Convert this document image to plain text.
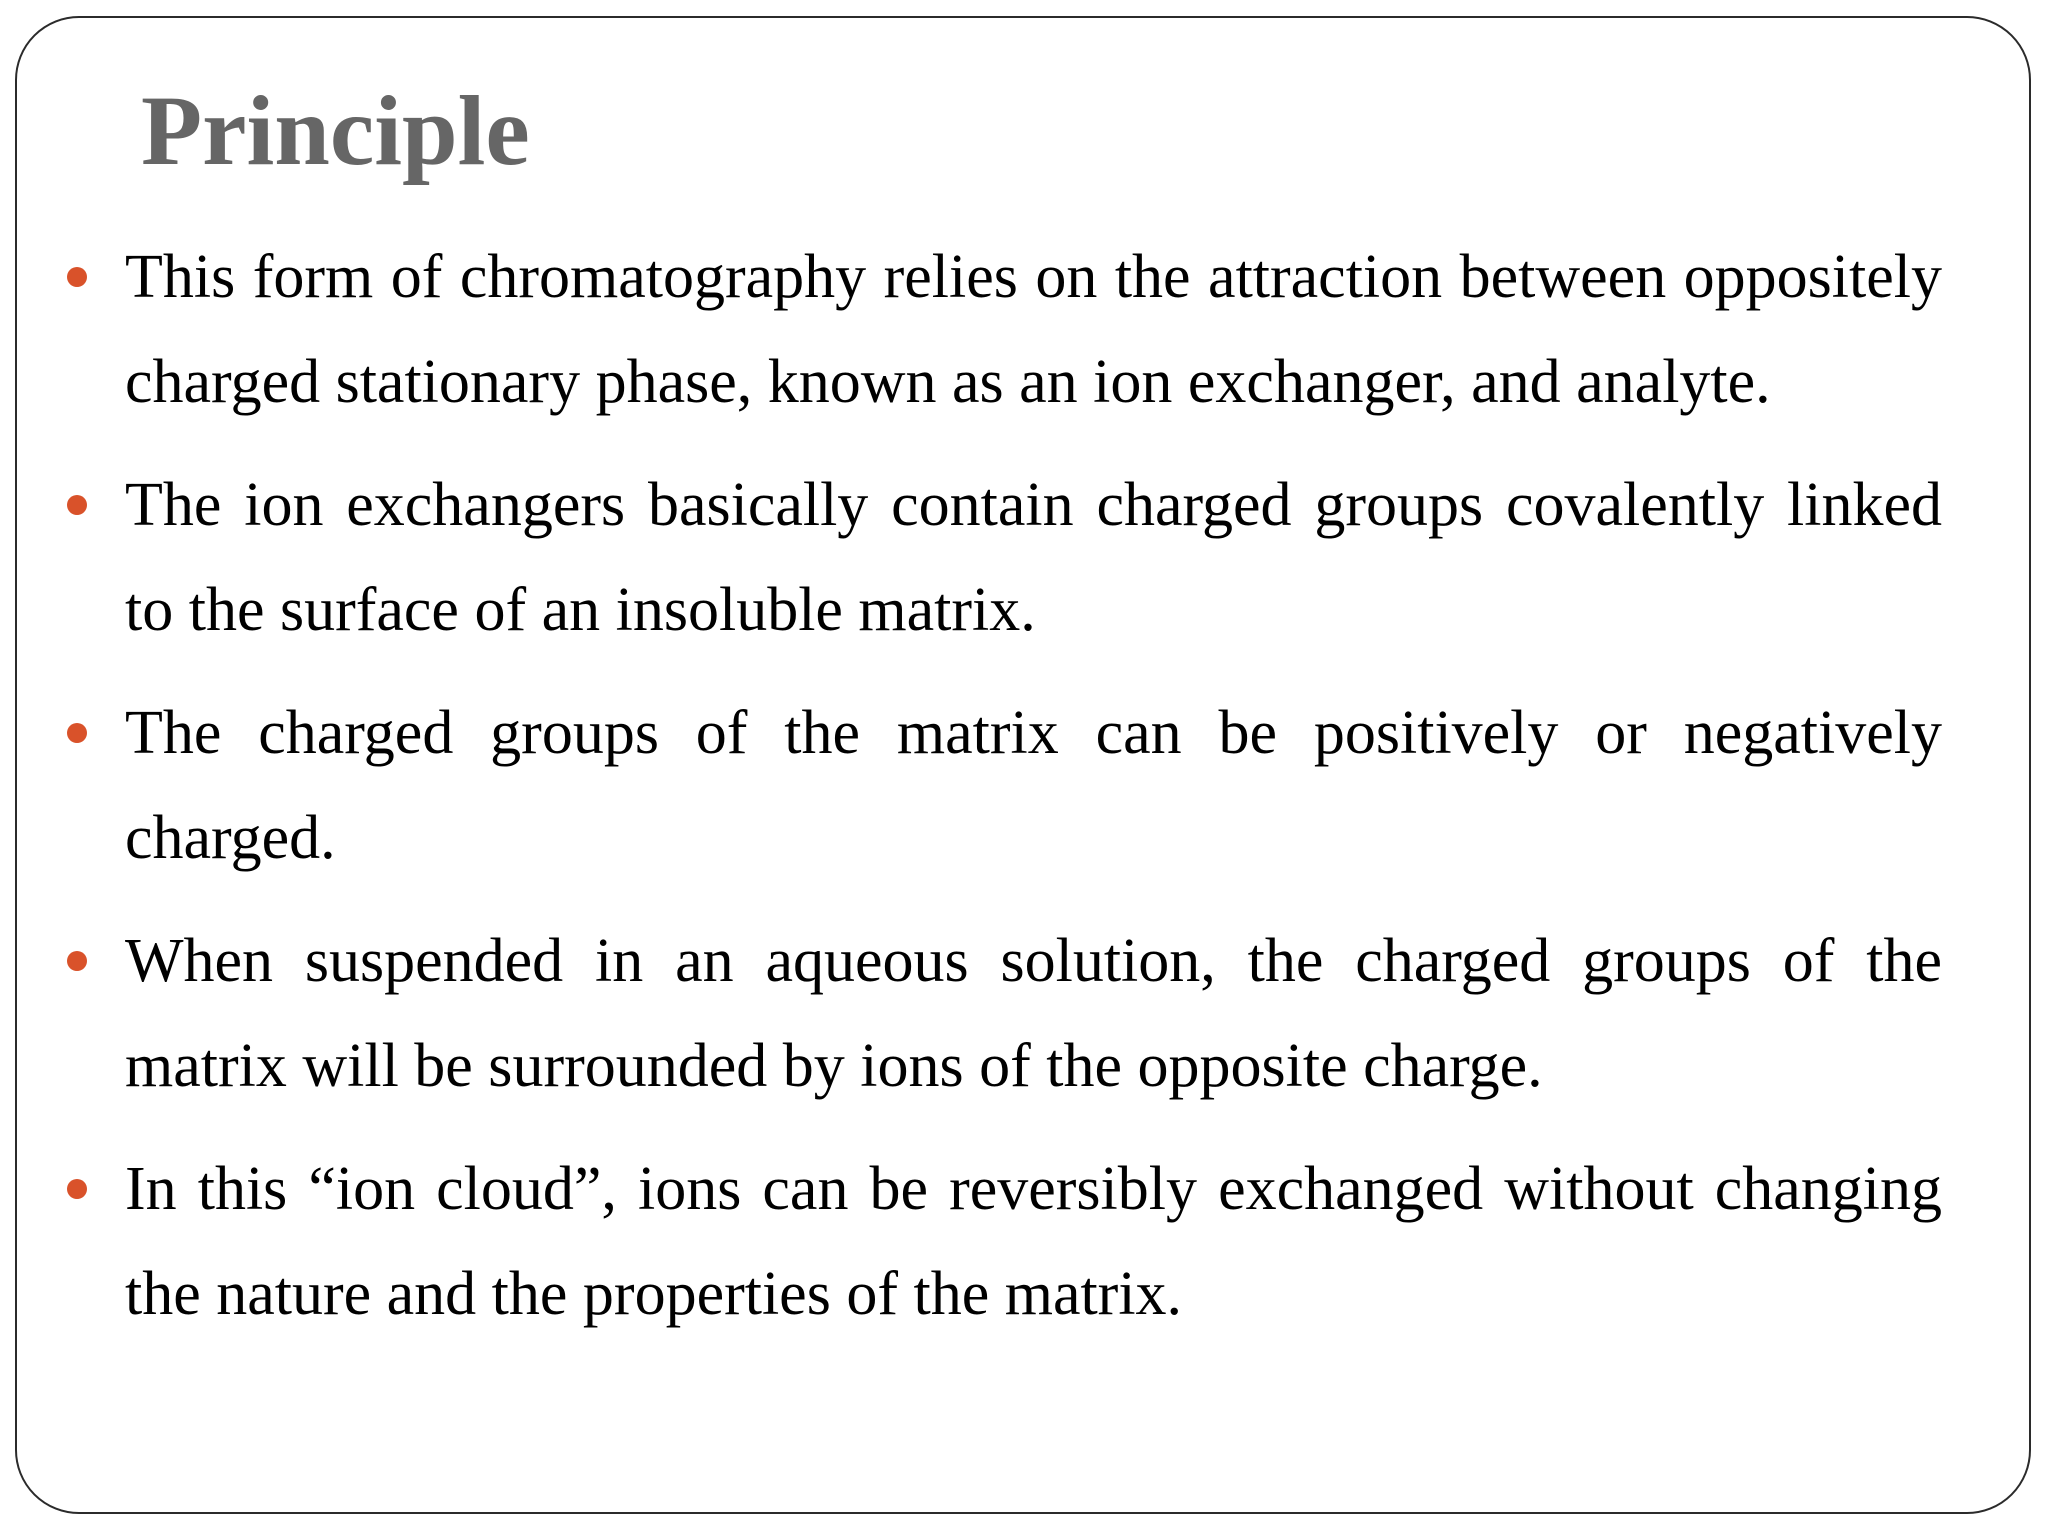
Principle
This form of chromatography relies on the attraction between oppositely charged stationary phase, known as an ion exchanger, and analyte.
The ion exchangers basically contain charged groups covalently linked to the surface of an insoluble matrix.
The charged groups of the matrix can be positively or negatively charged.
When suspended in an aqueous solution, the charged groups of the matrix will be surrounded by ions of the opposite charge.
In this “ion cloud”, ions can be reversibly exchanged without changing the nature and the properties of the matrix.
